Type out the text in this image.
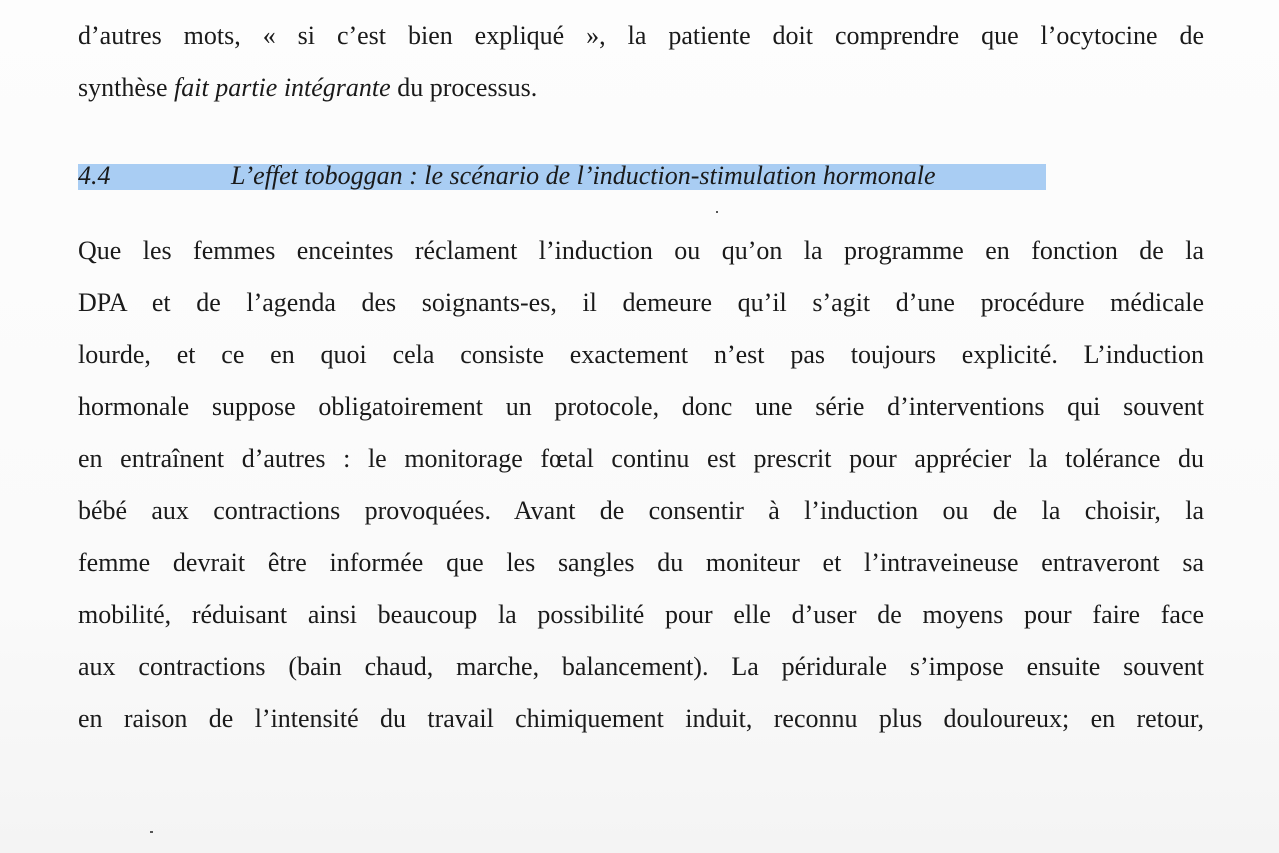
d’autres mots, « si c’est bien expliqué », la patiente doit comprendre que l’ocytocine de
synthèse fait partie intégrante du processus.
4.4	L’effet toboggan : le scénario de l’induction-stimulation hormonale
Que les femmes enceintes réclament l’induction ou qu’on la programme en fonction de la
DPA et de l’agenda des soignants-es, il demeure qu’il s’agit d’une procédure médicale
lourde, et ce en quoi cela consiste exactement n’est pas toujours explicité. L’induction
hormonale suppose obligatoirement un protocole, donc une série d’interventions qui souvent
en entraînent d’autres : le monitorage fœtal continu est prescrit pour apprécier la tolérance du
bébé aux contractions provoquées. Avant de consentir à l’induction ou de la choisir, la
femme devrait être informée que les sangles du moniteur et l’intraveineuse entraveront sa
mobilité, réduisant ainsi beaucoup la possibilité pour elle d’user de moyens pour faire face
aux contractions (bain chaud, marche, balancement). La péridurale s’impose ensuite souvent
en raison de l’intensité du travail chimiquement induit, reconnu plus douloureux; en retour,
